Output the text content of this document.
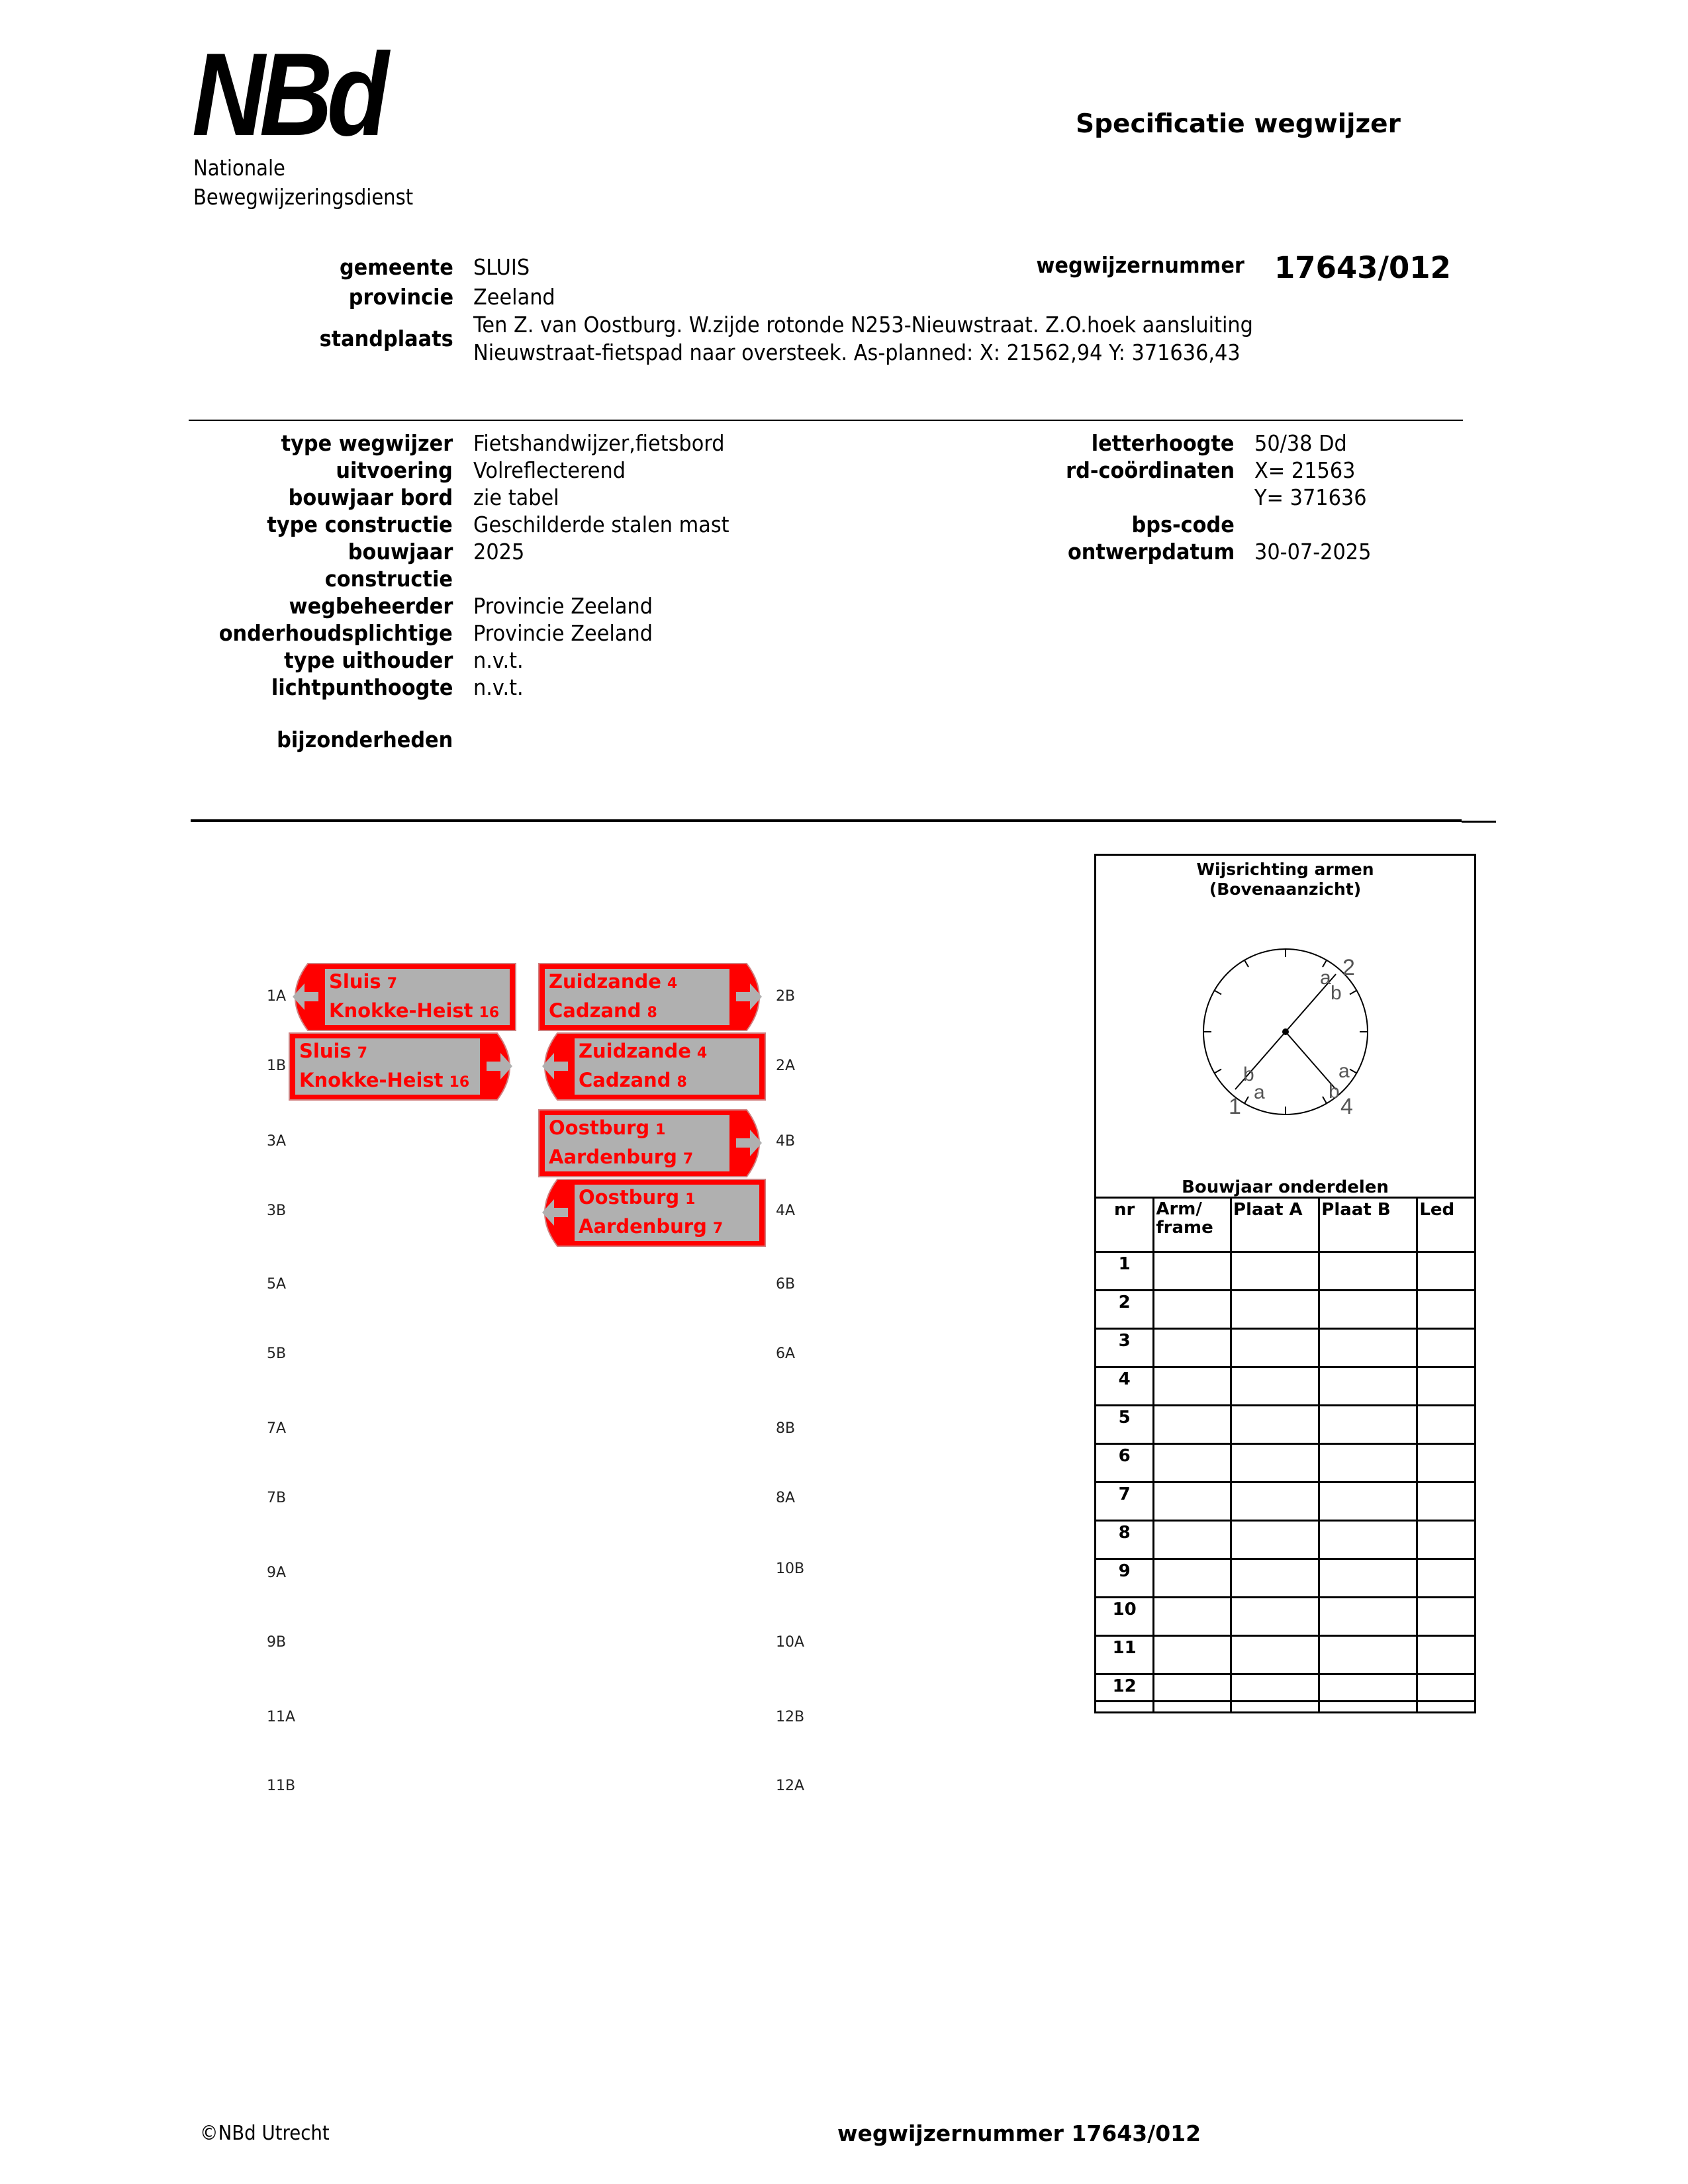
NBd
Nationale
Bewegwijzeringsdienst
Specificatie wegwijzer
gemeente SLUIS
provincie Zeeland
standplaats
Ten Z. van Oostburg. W.zijde rotonde N253-Nieuwstraat. Z.O.hoek aansluiting
Nieuwstraat-fietspad naar oversteek. As-planned: X: 21562,94 Y: 371636,43
wegwijzernummer 17643/012
type wegwijzer Fietshandwijzer,fietsbord
uitvoering Volreflecterend
bouwjaar bord zie tabel
type constructie Geschilderde stalen mast
bouwjaar 2025
constructie
wegbeheerder Provincie Zeeland
onderhoudsplichtige Provincie Zeeland
type uithouder n.v.t.
lichtpunthoogte n.v.t.
bijzonderheden
letterhoogte 50/38 Dd
rd-coördinaten X= 21563
Y= 371636
bps-code
ontwerpdatum 30-07-2025
1A
1B
3A
3B
5A
5B
7A
7B
9A
9B
11A
11B
2B
2A
4B
4A
6B
6A
8B
8A
10B
10A
12B
12A
Sluis 7
Knokke-Heist 16
Sluis 7
Knokke-Heist 16
Zuidzande 4
Cadzand 8
Zuidzande 4
Cadzand 8
Oostburg 1
Aardenburg 7
Oostburg 1
Aardenburg 7
Wijsrichting armen
(Bovenaanzicht)
1
2
4
b
a
a
b
a
b
Bouwjaar onderdelen				
nr	Arm/ frame	Plaat A	Plaat B	Led
1				
2				
3				
4				
5				
6				
7				
8				
9				
10				
11				
12				
©NBd Utrecht	wegwijzernummer 17643/012
